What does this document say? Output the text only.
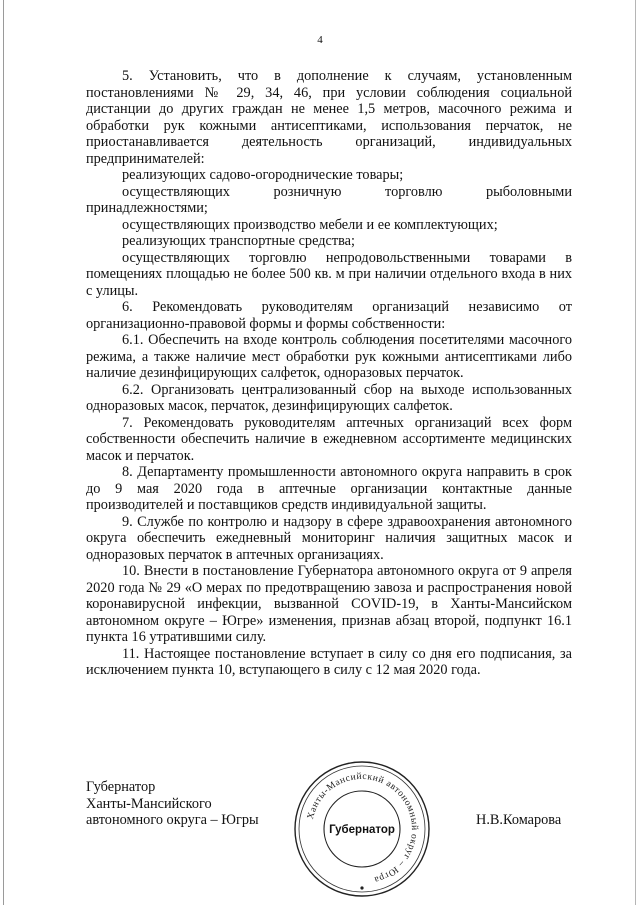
4

5. Установить, что в дополнение к случаям, установленным постановлениями № 29, 34, 46, при условии соблюдения социальной дистанции до других граждан не менее 1,5 метров, масочного режима и обработки рук кожными антисептиками, использования перчаток, не приостанавливается деятельность организаций, индивидуальных предпринимателей:

реализующих садово-огороднические товары;

осуществляющих розничную торговлю рыболовными принадлежностями;

осуществляющих производство мебели и ее комплектующих;

реализующих транспортные средства;

осуществляющих торговлю непродовольственными товарами в помещениях площадью не более 500 кв. м при наличии отдельного входа в них с улицы.

6. Рекомендовать руководителям организаций независимо от организационно-правовой формы и формы собственности:

6.1. Обеспечить на входе контроль соблюдения посетителями масочного режима, а также наличие мест обработки рук кожными антисептиками либо наличие дезинфицирующих салфеток, одноразовых перчаток.

6.2. Организовать централизованный сбор на выходе использованных одноразовых масок, перчаток, дезинфицирующих салфеток.

7. Рекомендовать руководителям аптечных организаций всех форм собственности обеспечить наличие в ежедневном ассортименте медицинских масок и перчаток.

8. Департаменту промышленности автономного округа направить в срок до 9 мая 2020 года в аптечные организации контактные данные производителей и поставщиков средств индивидуальной защиты.

9. Службе по контролю и надзору в сфере здравоохранения автономного округа обеспечить ежедневный мониторинг наличия защитных масок и одноразовых перчаток в аптечных организациях.

10. Внести в постановление Губернатора автономного округа от 9 апреля 2020 года № 29 «О мерах по предотвращению завоза и распространения новой коронавирусной инфекции, вызванной COVID-19, в Ханты-Мансийском автономном округе – Югре» изменения, признав абзац второй, подпункт 16.1 пункта 16 утратившими силу.

11. Настоящее постановление вступает в силу со дня его подписания, за исключением пункта 10, вступающего в силу с 12 мая 2020 года.

Губернатор
Ханты-Мансийского
автономного округа – Югры	Ханты-Мансийский автономный округ – Югра
Губернатор
Н.В.Комарова
